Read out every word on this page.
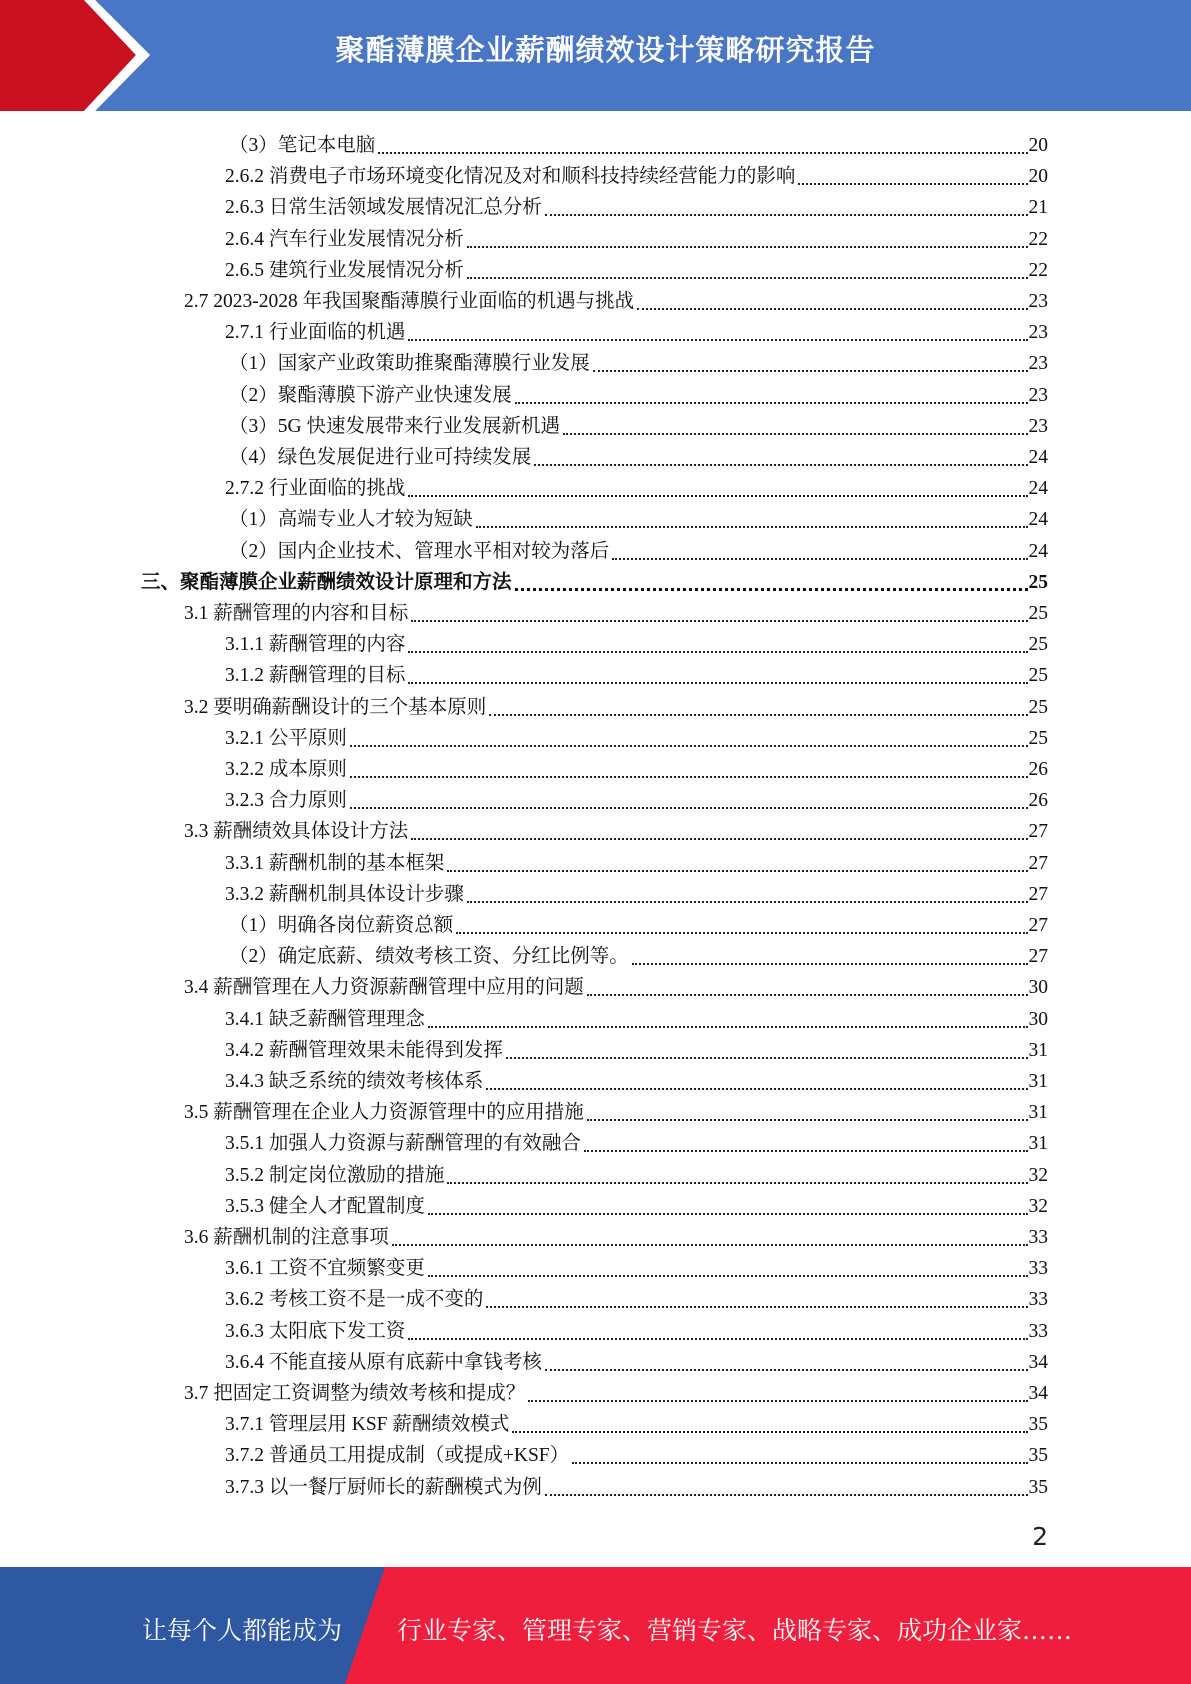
聚酯薄膜企业薪酬绩效设计策略研究报告
（3）笔记本电脑	20
2.6.2 消费电子市场环境变化情况及对和顺科技持续经营能力的影响	20
2.6.3 日常生活领域发展情况汇总分析	21
2.6.4 汽车行业发展情况分析	22
2.6.5 建筑行业发展情况分析	22
2.7 2023-2028 年我国聚酯薄膜行业面临的机遇与挑战	23
2.7.1 行业面临的机遇	23
（1）国家产业政策助推聚酯薄膜行业发展	23
（2）聚酯薄膜下游产业快速发展	23
（3）5G 快速发展带来行业发展新机遇	23
（4）绿色发展促进行业可持续发展	24
2.7.2 行业面临的挑战	24
（1）高端专业人才较为短缺	24
（2）国内企业技术、管理水平相对较为落后	24
三、聚酯薄膜企业薪酬绩效设计原理和方法	25
3.1 薪酬管理的内容和目标	25
3.1.1 薪酬管理的内容	25
3.1.2 薪酬管理的目标	25
3.2 要明确薪酬设计的三个基本原则	25
3.2.1 公平原则	25
3.2.2 成本原则	26
3.2.3 合力原则	26
3.3 薪酬绩效具体设计方法	27
3.3.1 薪酬机制的基本框架	27
3.3.2 薪酬机制具体设计步骤	27
（1）明确各岗位薪资总额	27
（2）确定底薪、绩效考核工资、分红比例等。	27
3.4 薪酬管理在人力资源薪酬管理中应用的问题	30
3.4.1 缺乏薪酬管理理念	30
3.4.2 薪酬管理效果未能得到发挥	31
3.4.3 缺乏系统的绩效考核体系	31
3.5 薪酬管理在企业人力资源管理中的应用措施	31
3.5.1 加强人力资源与薪酬管理的有效融合	31
3.5.2 制定岗位激励的措施	32
3.5.3 健全人才配置制度	32
3.6 薪酬机制的注意事项	33
3.6.1 工资不宜频繁变更	33
3.6.2 考核工资不是一成不变的	33
3.6.3 太阳底下发工资	33
3.6.4 不能直接从原有底薪中拿钱考核	34
3.7 把固定工资调整为绩效考核和提成？	34
3.7.1 管理层用 KSF 薪酬绩效模式	35
3.7.2 普通员工用提成制（或提成+KSF）	35
3.7.3 以一餐厅厨师长的薪酬模式为例	35
2
让每个人都能成为 行业专家、管理专家、营销专家、战略专家、成功企业家……
